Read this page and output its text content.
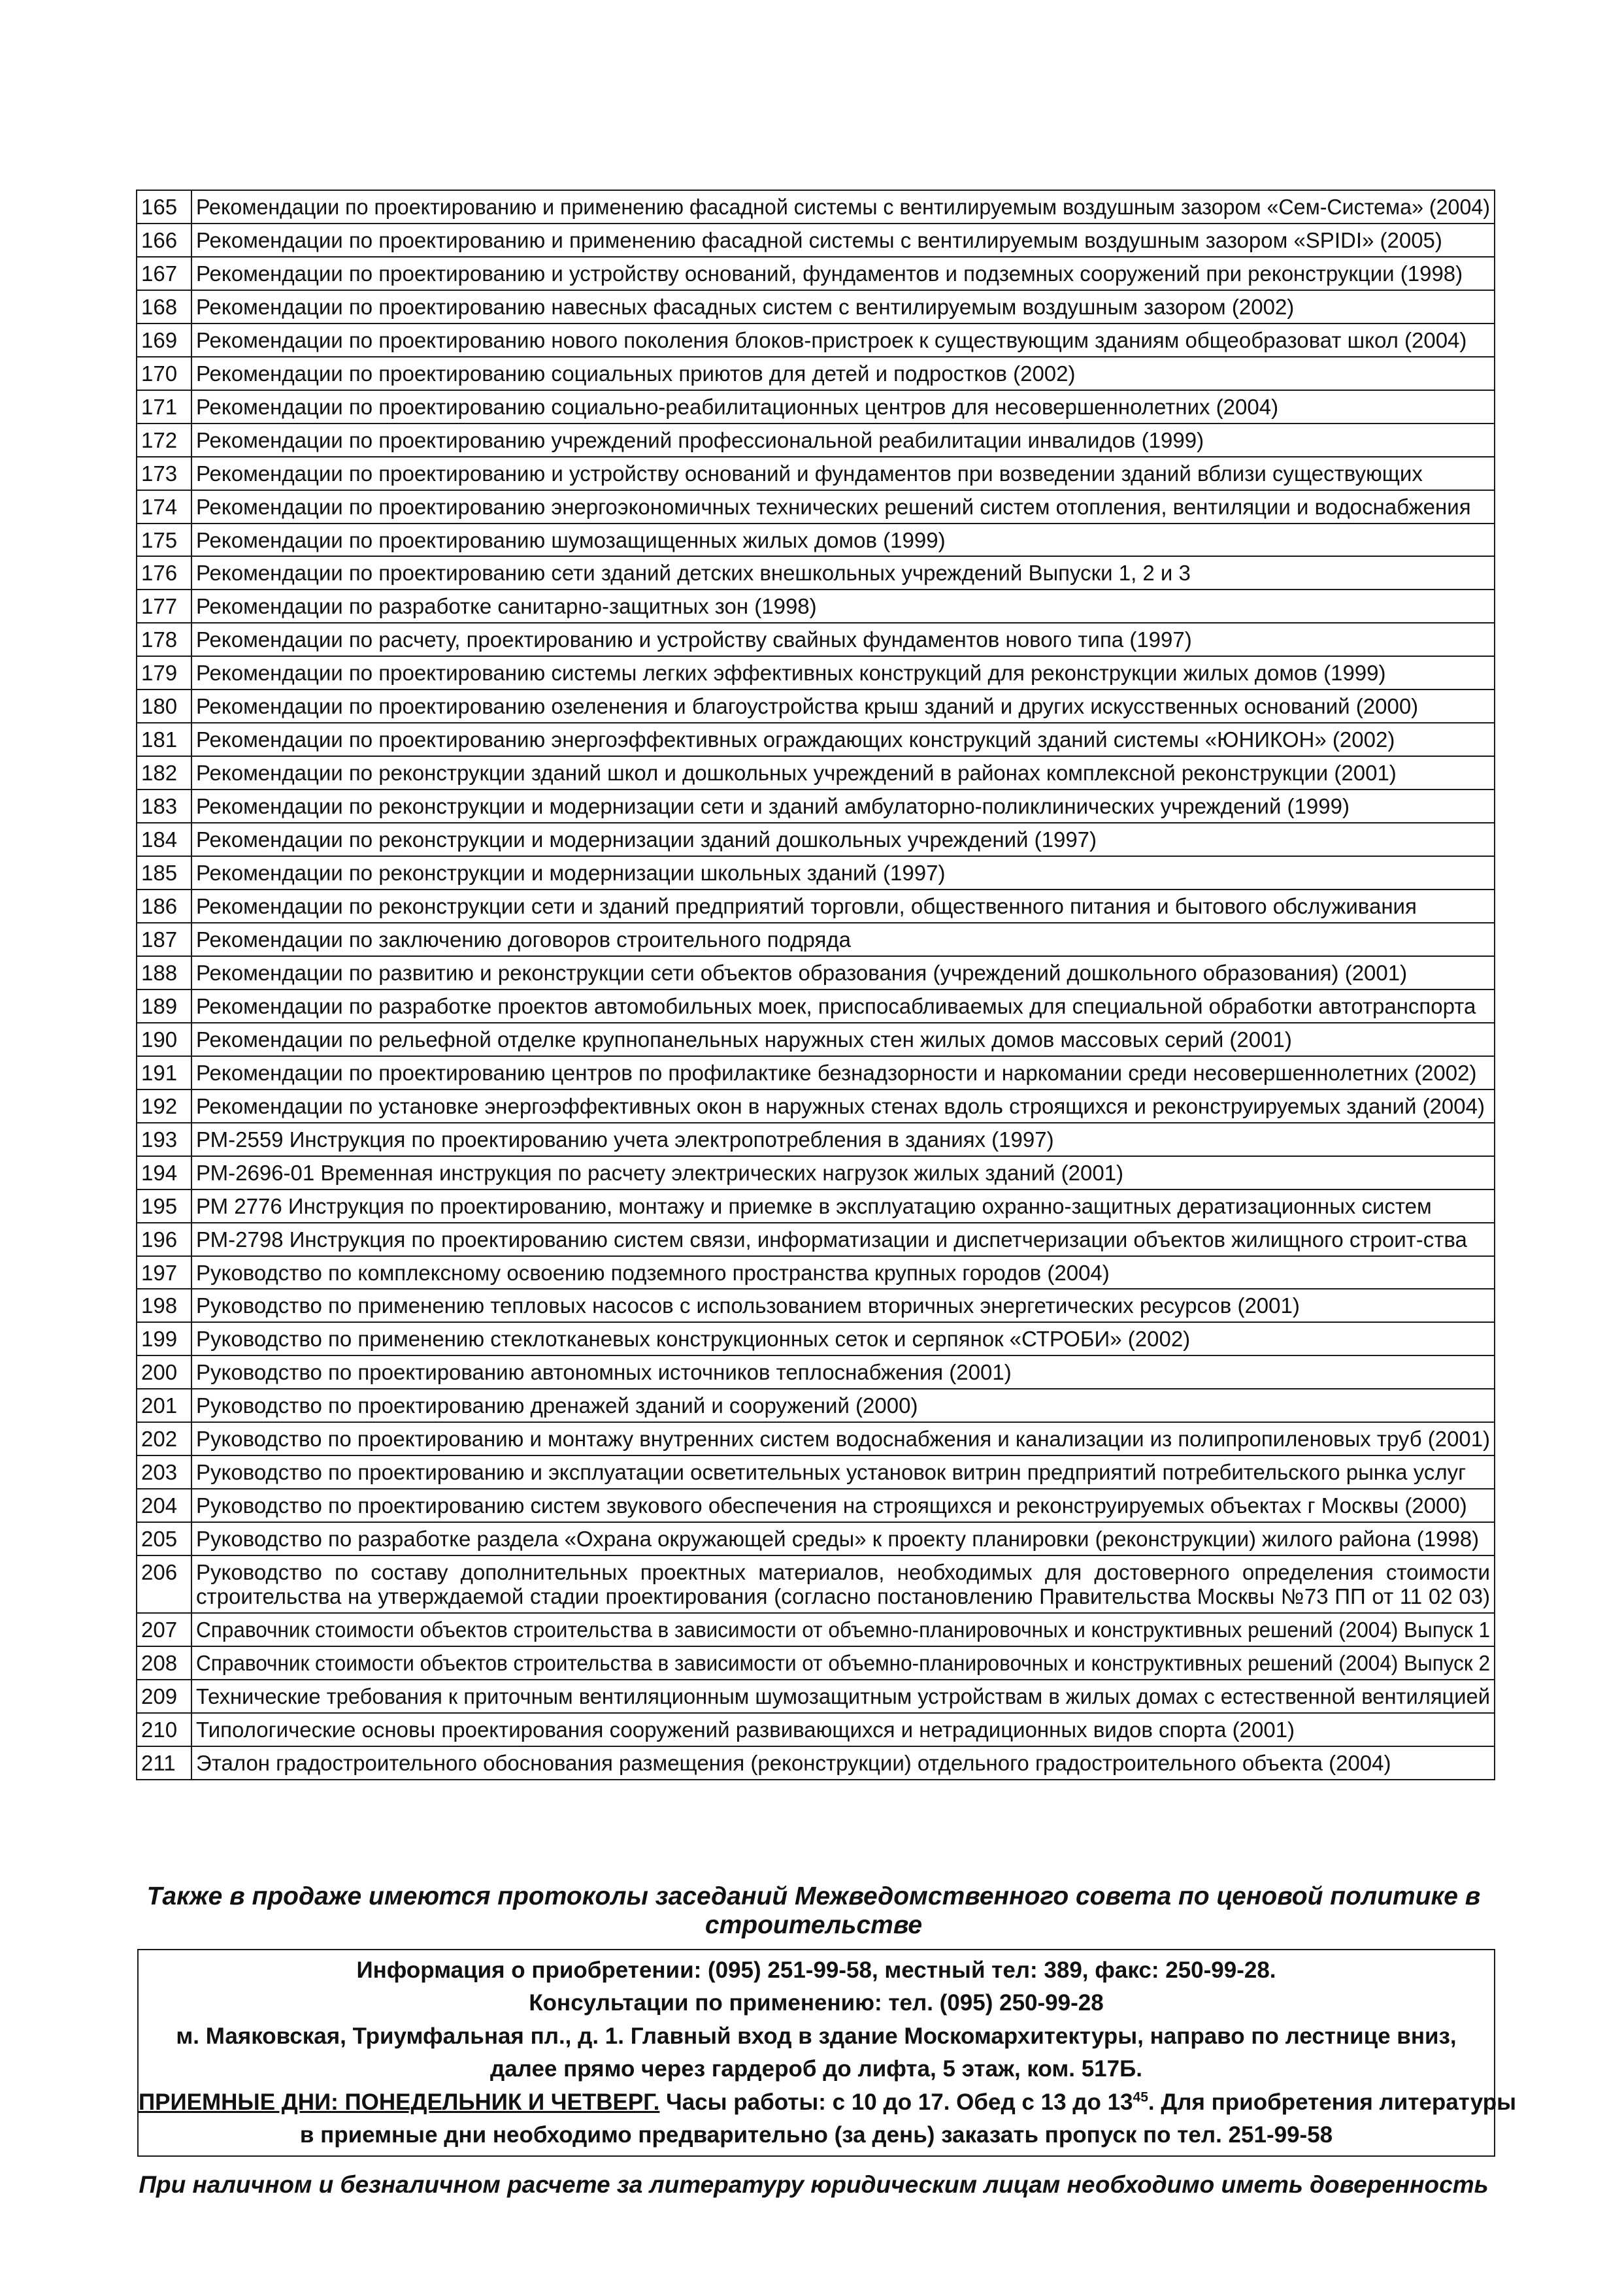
165	Рекомендации по проектированию и применению фасадной системы с вентилируемым воздушным зазором «Сем-Система» (2004)
166	Рекомендации по проектированию и применению фасадной системы с вентилируемым воздушным зазором «SPIDI» (2005)
167	Рекомендации по проектированию и устройству оснований, фундаментов и подземных сооружений при реконструкции (1998)
168	Рекомендации по проектированию навесных фасадных систем с вентилируемым воздушным зазором (2002)
169	Рекомендации по проектированию нового поколения блоков-пристроек к существующим зданиям общеобразоват школ (2004)
170	Рекомендации по проектированию социальных приютов для детей и подростков (2002)
171	Рекомендации по проектированию социально-реабилитационных центров для несовершеннолетних (2004)
172	Рекомендации по проектированию учреждений профессиональной реабилитации инвалидов (1999)
173	Рекомендации по проектированию и устройству оснований и фундаментов при возведении зданий вблизи существующих
174	Рекомендации по проектированию энергоэкономичных технических решений систем отопления, вентиляции и водоснабжения
175	Рекомендации по проектированию шумозащищенных жилых домов (1999)
176	Рекомендации по проектированию сети зданий детских внешкольных учреждений Выпуски 1, 2 и 3
177	Рекомендации по разработке санитарно-защитных зон (1998)
178	Рекомендации по расчету, проектированию и устройству свайных фундаментов нового типа (1997)
179	Рекомендации по проектированию системы легких эффективных конструкций для реконструкции жилых домов (1999)
180	Рекомендации по проектированию озеленения и благоустройства крыш зданий и других искусственных оснований (2000)
181	Рекомендации по проектированию энергоэффективных ограждающих конструкций зданий системы «ЮНИКОН» (2002)
182	Рекомендации по реконструкции зданий школ и дошкольных учреждений в районах комплексной реконструкции (2001)
183	Рекомендации по реконструкции и модернизации сети и зданий амбулаторно-поликлинических учреждений (1999)
184	Рекомендации по реконструкции и модернизации зданий дошкольных учреждений (1997)
185	Рекомендации по реконструкции и модернизации школьных зданий (1997)
186	Рекомендации по реконструкции сети и зданий предприятий торговли, общественного питания и бытового обслуживания
187	Рекомендации по заключению договоров строительного подряда
188	Рекомендации по развитию и реконструкции сети объектов образования (учреждений дошкольного образования) (2001)
189	Рекомендации по разработке проектов автомобильных моек, приспосабливаемых для специальной обработки автотранспорта
190	Рекомендации по рельефной отделке крупнопанельных наружных стен жилых домов массовых серий (2001)
191	Рекомендации по проектированию центров по профилактике безнадзорности и наркомании среди несовершеннолетних (2002)
192	Рекомендации по установке энергоэффективных окон в наружных стенах вдоль строящихся и реконструируемых зданий (2004)
193	РМ-2559 Инструкция по проектированию учета электропотребления в зданиях (1997)
194	РМ-2696-01 Временная инструкция по расчету электрических нагрузок жилых зданий (2001)
195	РМ 2776 Инструкция по проектированию, монтажу и приемке в эксплуатацию охранно-защитных дератизационных систем
196	РМ-2798 Инструкция по проектированию систем связи, информатизации и диспетчеризации объектов жилищного строит-ства
197	Руководство по комплексному освоению подземного пространства крупных городов (2004)
198	Руководство по применению тепловых насосов с использованием вторичных энергетических ресурсов (2001)
199	Руководство по применению стеклотканевых конструкционных сеток и серпянок «СТРОБИ» (2002)
200	Руководство по проектированию автономных источников теплоснабжения (2001)
201	Руководство по проектированию дренажей зданий и сооружений (2000)
202	Руководство по проектированию и монтажу внутренних систем водоснабжения и канализации из полипропиленовых труб (2001)
203	Руководство по проектированию и эксплуатации осветительных установок витрин предприятий потребительского рынка услуг
204	Руководство по проектированию систем звукового обеспечения на строящихся и реконструируемых объектах г Москвы (2000)
205	Руководство по разработке раздела «Охрана окружающей среды» к проекту планировки (реконструкции) жилого района (1998)
206	Руководство по составу дополнительных проектных материалов, необходимых для достоверного определения стоимости строительства на утверждаемой стадии проектирования (согласно постановлению Правительства Москвы №73 ПП от 11 02 03)
207	Справочник стоимости объектов строительства в зависимости от объемно-планировочных и конструктивных решений (2004) Выпуск 1
208	Справочник стоимости объектов строительства в зависимости от объемно-планировочных и конструктивных решений (2004) Выпуск 2
209	Технические требования к приточным вентиляционным шумозащитным устройствам в жилых домах с естественной вентиляцией
210	Типологические основы проектирования сооружений развивающихся и нетрадиционных видов спорта (2001)
211	Эталон градостроительного обоснования размещения (реконструкции) отдельного градостроительного объекта (2004)
Также в продаже имеются протоколы заседаний Межведомственного совета по ценовой политике в строительстве
Информация о приобретении: (095) 251-99-58, местный тел: 389, факс: 250-99-28.
Консультации по применению: тел. (095) 250-99-28
м. Маяковская, Триумфальная пл., д. 1. Главный вход в здание Москомархитектуры, направо по лестнице вниз,
далее прямо через гардероб до лифта, 5 этаж, ком. 517Б.
ПРИЕМНЫЕ ДНИ: ПОНЕДЕЛЬНИК И ЧЕТВЕРГ. Часы работы: с 10 до 17. Обед с 13 до $13^{45}$. Для приобретения литературы
в приемные дни необходимо предварительно (за день) заказать пропуск по тел. 251-99-58
При наличном и безналичном расчете за литературу юридическим лицам необходимо иметь доверенность
